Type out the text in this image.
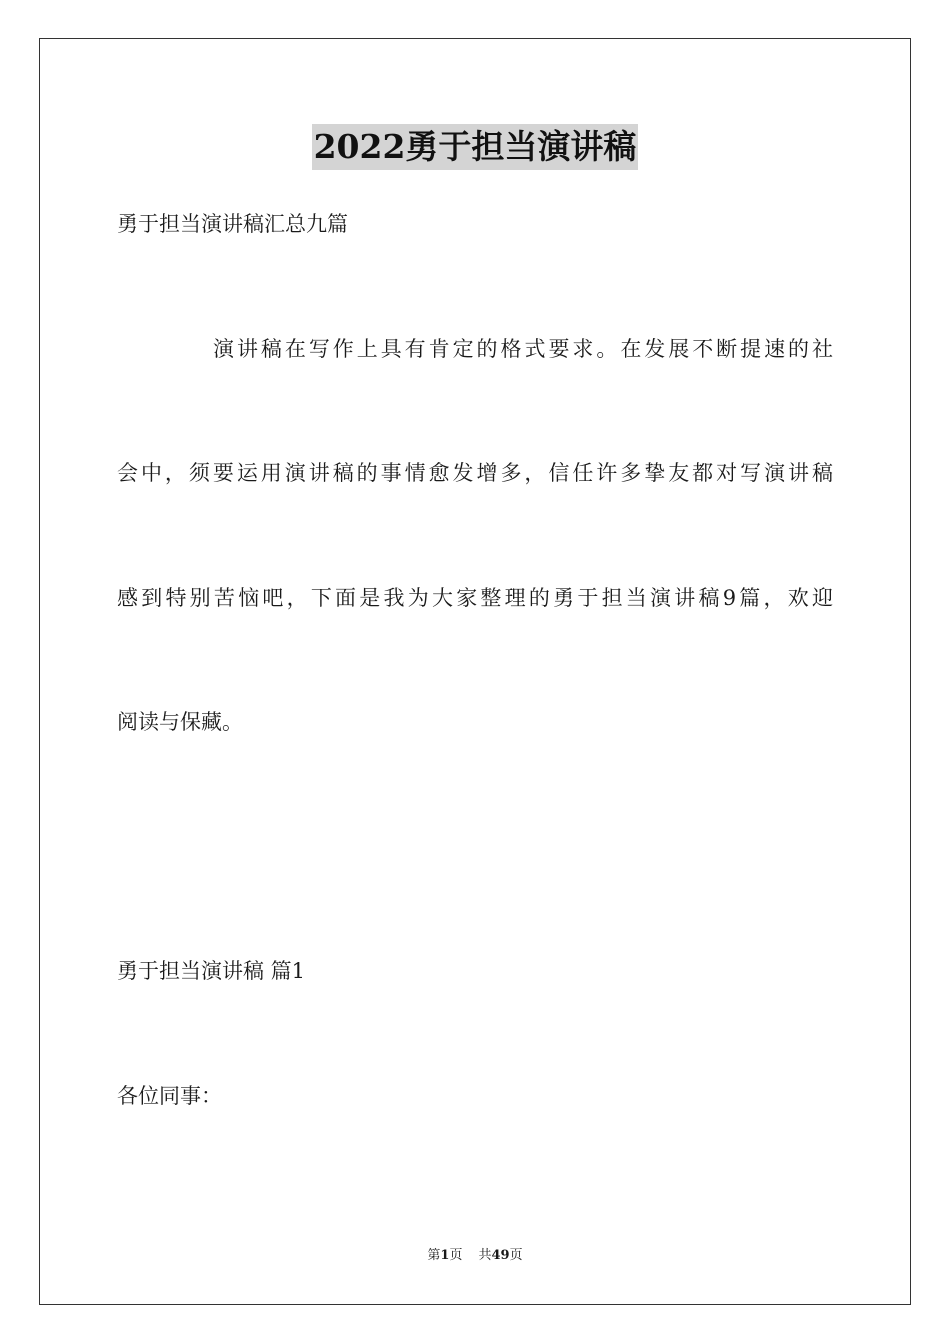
2022勇于担当演讲稿
勇于担当演讲稿汇总九篇
演讲稿在写作上具有肯定的格式要求。在发展不断提速的社
会中，须要运用演讲稿的事情愈发增多，信任许多挚友都对写演讲稿
感到特别苦恼吧，下面是我为大家整理的勇于担当演讲稿9篇，欢迎
阅读与保藏。
勇于担当演讲稿 篇1
各位同事：
第1页 共49页
